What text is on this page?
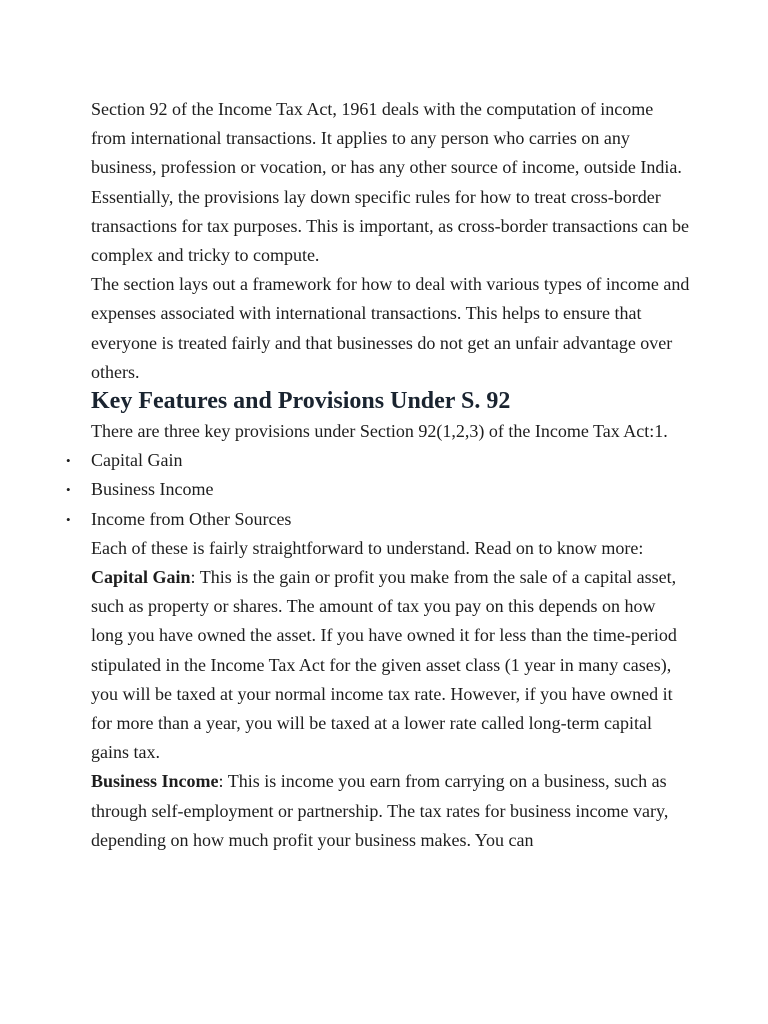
Section 92 of the Income Tax Act, 1961 deals with the computation of income from international transactions. It applies to any person who carries on any business, profession or vocation, or has any other source of income, outside India. Essentially, the provisions lay down specific rules for how to treat cross-border transactions for tax purposes. This is important, as cross-border transactions can be complex and tricky to compute.

The section lays out a framework for how to deal with various types of income and expenses associated with international transactions. This helps to ensure that everyone is treated fairly and that businesses do not get an unfair advantage over others.

Key Features and Provisions Under S. 92

There are three key provisions under Section 92(1,2,3) of the Income Tax Act:1.

• Capital Gain
• Business Income
• Income from Other Sources

Each of these is fairly straightforward to understand. Read on to know more:

Capital Gain: This is the gain or profit you make from the sale of a capital asset, such as property or shares. The amount of tax you pay on this depends on how long you have owned the asset. If you have owned it for less than the time-period stipulated in the Income Tax Act for the given asset class (1 year in many cases), you will be taxed at your normal income tax rate. However, if you have owned it for more than a year, you will be taxed at a lower rate called long-term capital gains tax.

Business Income: This is income you earn from carrying on a business, such as through self-employment or partnership. The tax rates for business income vary, depending on how much profit your business makes. You can
